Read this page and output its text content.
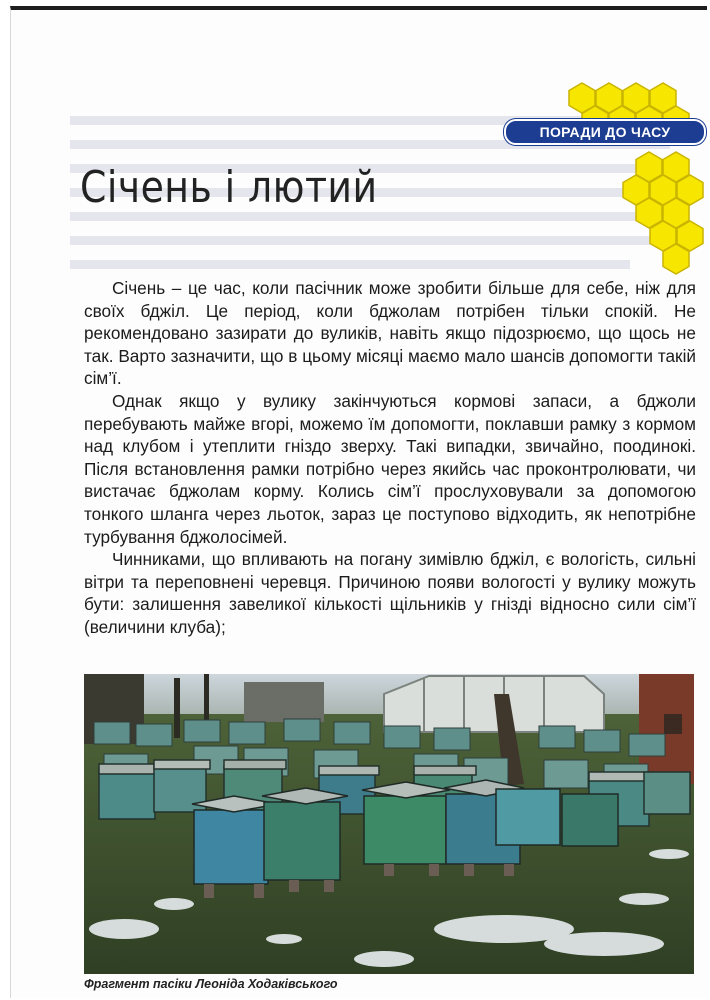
ПОРАДИ ДО ЧАСУ
Січень і лютий

Січень – це час, коли пасічник може зробити більше для себе, ніж для своїх бджіл. Це період, коли бджолам потрібен тільки спокій. Не рекомендовано зазирати до вуликів, навіть якщо підозрюємо, що щось не так. Варто зазначити, що в цьому місяці маємо мало шансів допомогти такій сім’ї.

Однак якщо у вулику закінчуються кормові запаси, а бджоли перебувають майже вгорі, можемо їм допомогти, поклавши рамку з кормом над клубом і утеплити гніздо зверху. Такі випадки, звичайно, поодинокі. Після встановлення рамки потрібно через якийсь час проконтролювати, чи вистачає бджолам корму. Колись сім’ї прослуховували за допомогою тонкого шланга через льоток, зараз це поступово відходить, як непотрібне турбування бджолосімей.

Чинниками, що впливають на погану зимівлю бджіл, є вологість, сильні вітри та переповнені черевця. Причиною появи вологості у вулику можуть бути: залишення завеликої кількості щільників у гнізді відносно сили сім’ї (величини клуба);

Фрагмент пасіки Леоніда Ходаківського
